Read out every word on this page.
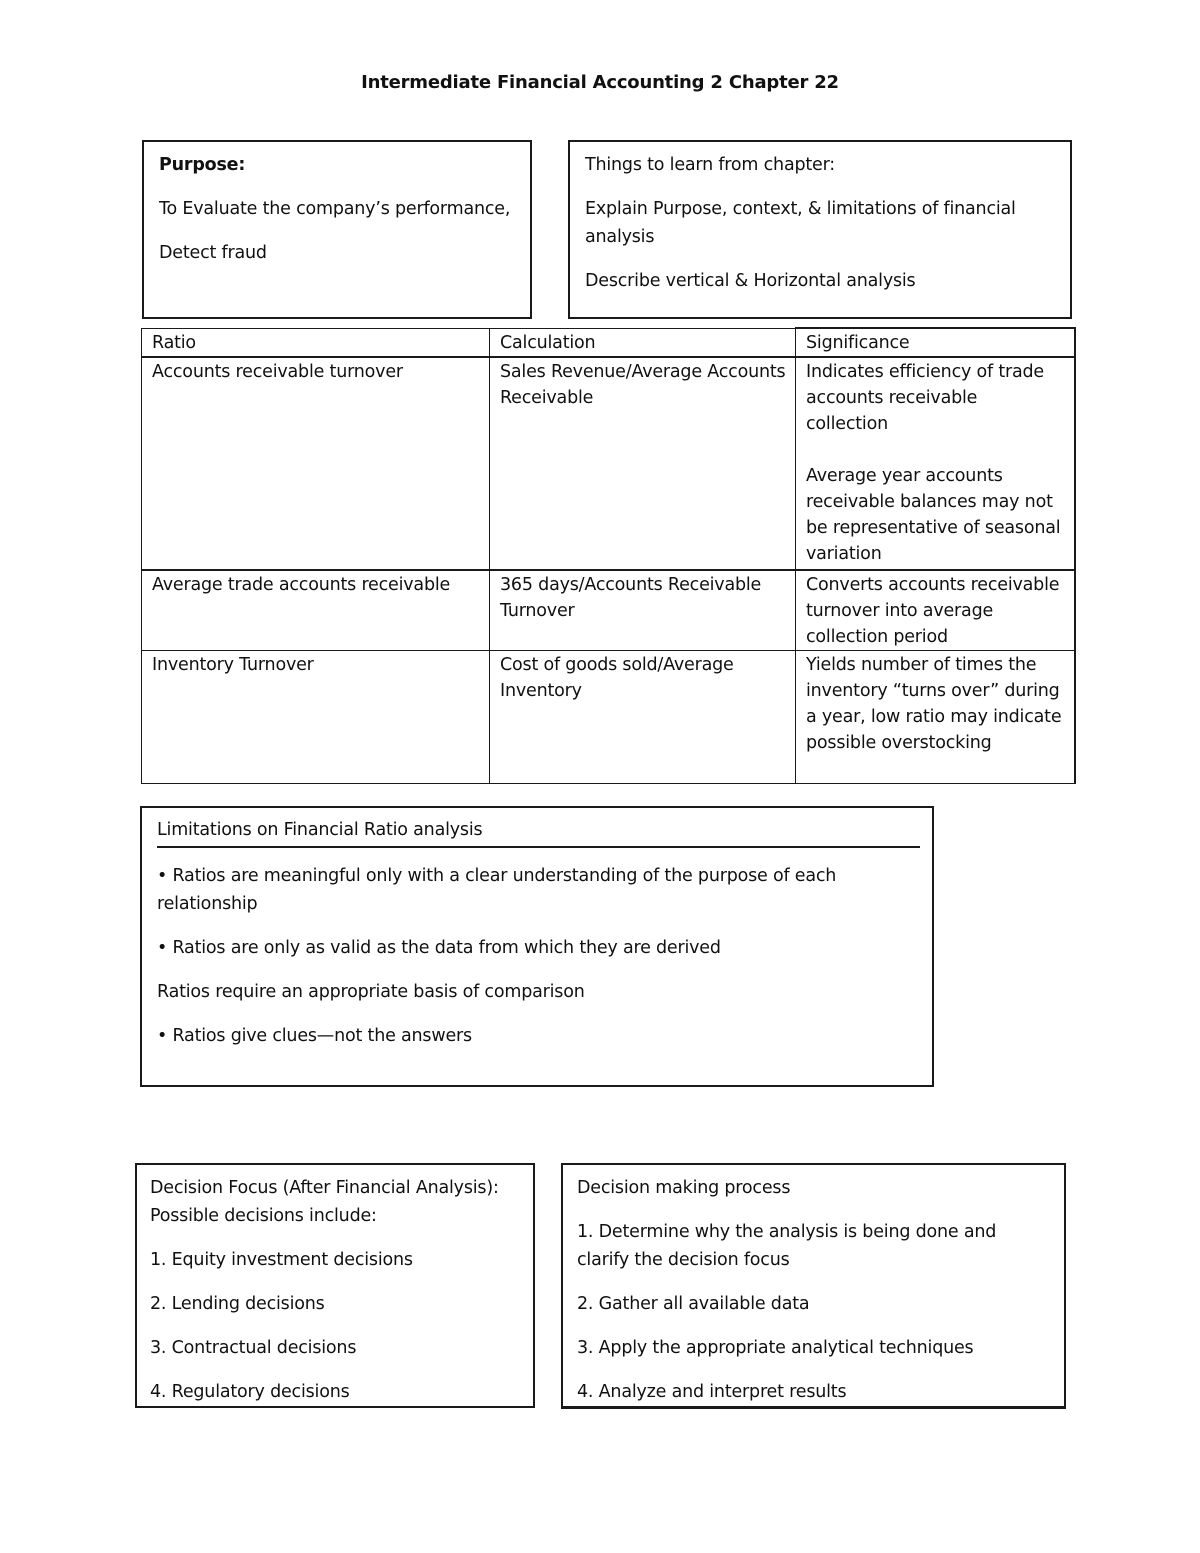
Intermediate Financial Accounting 2 Chapter 22

Purpose:

To Evaluate the company’s performance,

Detect fraud

Things to learn from chapter:

Explain Purpose, context, & limitations of financial analysis

Describe vertical & Horizontal analysis

Ratio	Calculation	Significance
Accounts receivable turnover	Sales Revenue/Average Accounts Receivable	Indicates efficiency of trade accounts receivable collection
Average year accounts receivable balances may not be representative of seasonal variation

Average trade accounts receivable	365 days/Accounts Receivable Turnover	Converts accounts receivable turnover into average collection period

Inventory Turnover	Cost of goods sold/Average Inventory	Yields number of times the inventory “turns over” during a year, low ratio may indicate possible overstocking
Limitations on Financial Ratio analysis

• Ratios are meaningful only with a clear understanding of the purpose of each relationship

• Ratios are only as valid as the data from which they are derived

Ratios require an appropriate basis of comparison

• Ratios give clues—not the answers

Decision Focus (After Financial Analysis): Possible decisions include:

1. Equity investment decisions

2. Lending decisions

3. Contractual decisions

4. Regulatory decisions

Decision making process

1. Determine why the analysis is being done and clarify the decision focus

2. Gather all available data

3. Apply the appropriate analytical techniques

4. Analyze and interpret results
